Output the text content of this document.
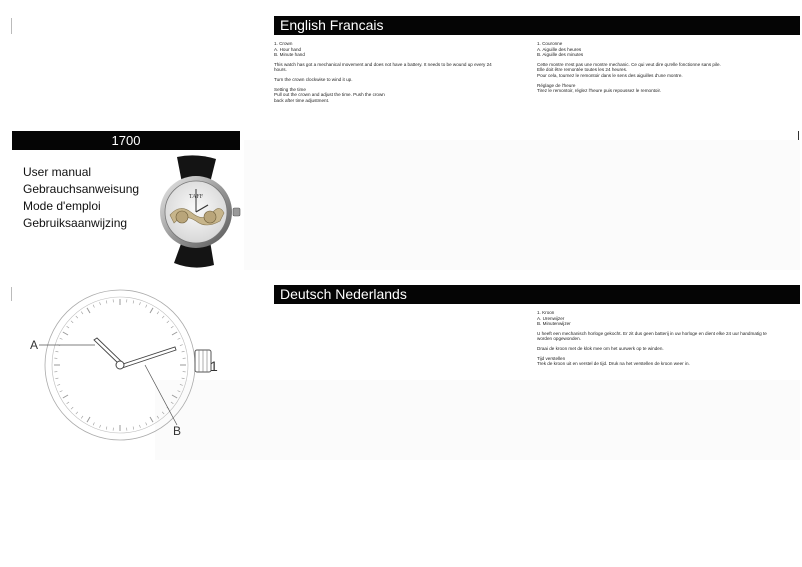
English Francais

1. Crown
A. Hour hand
B. Minute hand

This watch has got a mechanical movement and does not have a battery. It needs to be wound up every 24
hours.

Turn the crown clockwise to wind it up.

Setting the time
Pull out the crown and adjust the time. Push the crown
back after time adjustment.

1. Couronne
A. Aiguille des heures
B. Aiguille des minutes

Cette montre n'est pas une montre mechanic. Ce qui veut dire qu'elle fonctionne sans pile.
Elle doit être remontée toutes les 24 heures.
Pour cela, tournez le remontoir dans le sens des aiguilles d'une montre.

Réglage de l'heure
Tirez le remontoir, réglez l'heure puis repoussez le remontoir.

1700
User manual
Gebrauchsanweisung
Mode d'emploi
Gebruiksaanwijzing
TAFF
A
B
1
Deutsch Nederlands

1. Kroon
A. Urenwijzer
B. Minutenwijzer

U heeft een mechanisch horloge gekocht. Er zit dus geen batterij in uw horloge en dient elke 24 uur handmatig te
worden opgewonden.

Draai de kroon met de klok mee om het uurwerk op te winden.

Tijd verstellen
Trek de kroon uit en verstel de tijd. Druk na het verstellen de kroon weer in.
